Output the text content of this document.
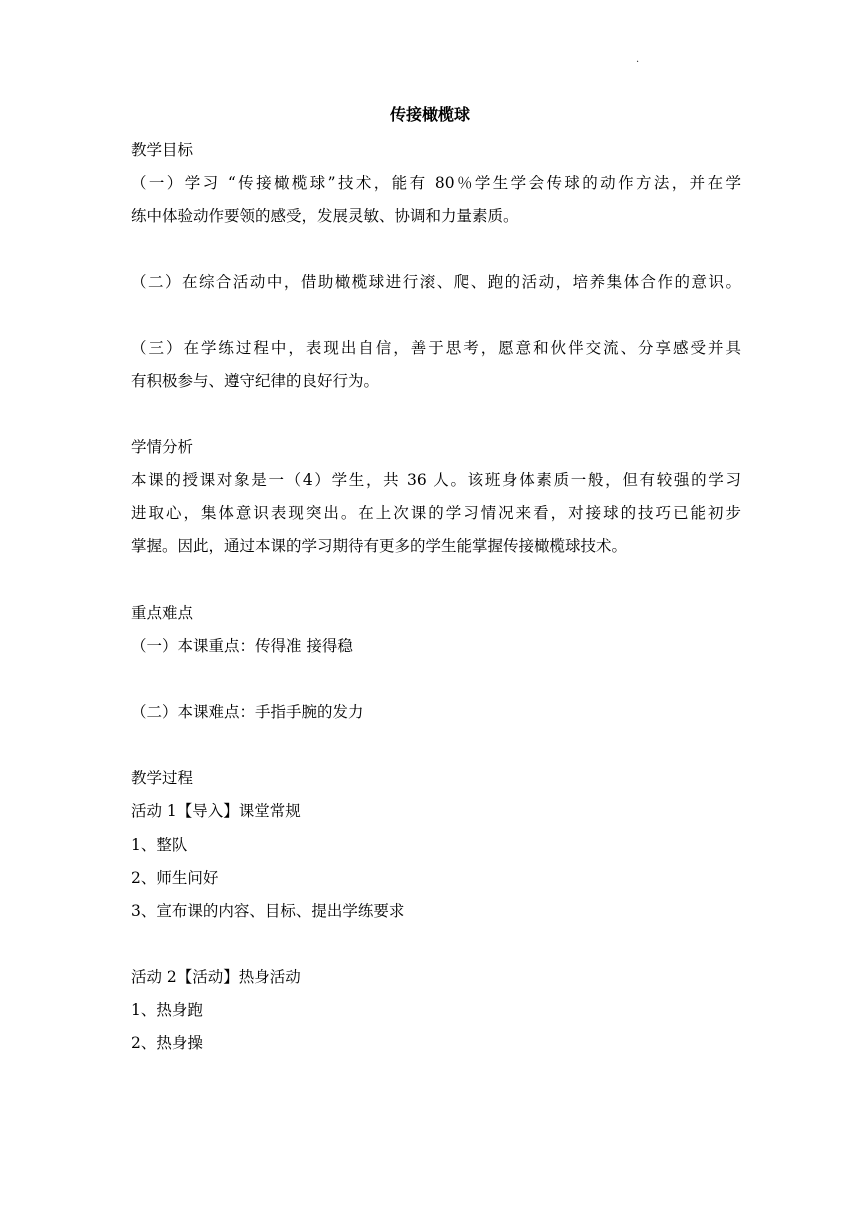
·
传接橄榄球
教学目标
（一）学习 “传接橄榄球”技术，能有 80％学生学会传球的动作方法，并在学
练中体验动作要领的感受，发展灵敏、协调和力量素质。
（二）在综合活动中，借助橄榄球进行滚、爬、跑的活动，培养集体合作的意识。
（三）在学练过程中，表现出自信，善于思考，愿意和伙伴交流、分享感受并具
有积极参与、遵守纪律的良好行为。
学情分析
本课的授课对象是一（4）学生，共 36 人。该班身体素质一般，但有较强的学习
进取心，集体意识表现突出。在上次课的学习情况来看，对接球的技巧已能初步
掌握。因此，通过本课的学习期待有更多的学生能掌握传接橄榄球技术。
重点难点
（一）本课重点：传得准 接得稳
（二）本课难点：手指手腕的发力
教学过程
活动 1【导入】课堂常规
1、整队
2、师生问好
3、宣布课的内容、目标、提出学练要求
活动 2【活动】热身活动
1、热身跑
2、热身操
